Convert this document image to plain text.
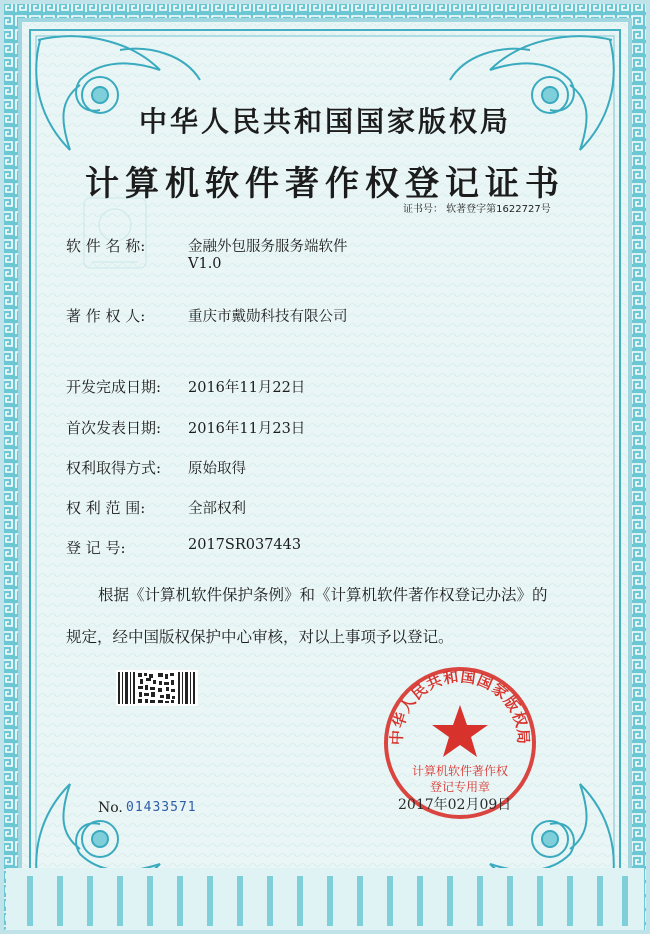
中华人民共和国国家版权局
计算机软件著作权登记证书
证书号： 软著登字第1622727号
软 件 名 称:	金融外包服务服务端软件
V1.0
著 作 权 人:	重庆市戴勋科技有限公司
开发完成日期: 2016年11月22日
首次发表日期: 2016年11月23日
权利取得方式: 原始取得
权 利 范 围:	全部权利
登 记 号:	2017SR037443
根据《计算机软件保护条例》和《计算机软件著作权登记办法》的
规定，经中国版权保护中心审核，对以上事项予以登记。
中华人民共和国国家版权局
计算机软件著作权
登记专用章
No. 01433571	2017年02月09日
